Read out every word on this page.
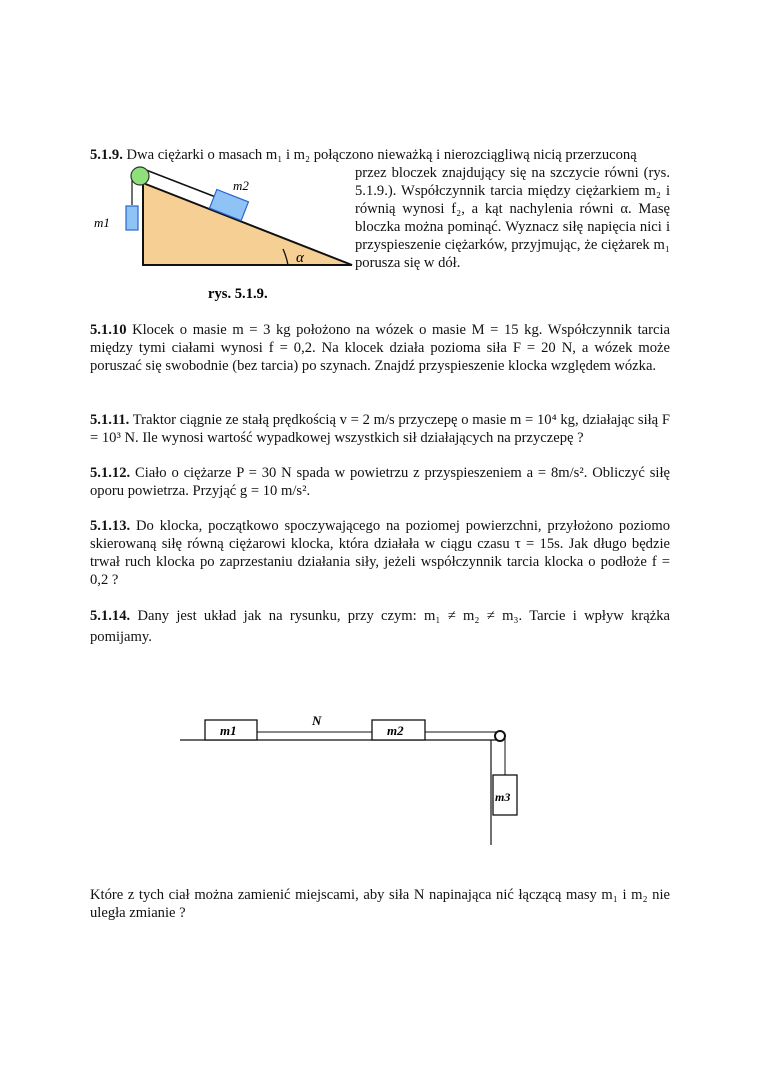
5.1.9. Dwa ciężarki o masach m₁ i m₂ połączono nieważką i nierozciągliwą nicią przerzuconą
przez bloczek znajdujący się na szczycie równi (rys. 5.1.9.). Współczynnik tarcia między ciężarkiem m₂ i równią wynosi f₂, a kąt nachylenia równi α. Masę bloczka można pominąć. Wyznacz siłę napięcia nici i przyspieszenie ciężarków, przyjmując, że ciężarek m₁ porusza się w dół.
α
m1
m2
rys. 5.1.9.
5.1.10 Klocek o masie m = 3 kg położono na wózek o masie M = 15 kg. Współczynnik tarcia między tymi ciałami wynosi f = 0,2. Na klocek działa pozioma siła F = 20 N, a wózek może poruszać się swobodnie (bez tarcia) po szynach. Znajdź przyspieszenie klocka względem wózka.
5.1.11. Traktor ciągnie ze stałą prędkością v = 2 m/s przyczepę o masie m = 10⁴ kg, działając siłą F = 10³ N. Ile wynosi wartość wypadkowej wszystkich sił działających na przyczepę ?
5.1.12. Ciało o ciężarze P = 30 N spada w powietrzu z przyspieszeniem a = 8m/s². Obliczyć siłę oporu powietrza. Przyjąć g = 10 m/s².
5.1.13. Do klocka, początkowo spoczywającego na poziomej powierzchni, przyłożono poziomo skierowaną siłę równą ciężarowi klocka, która działała w ciągu czasu τ = 15s. Jak długo będzie trwał ruch klocka po zaprzestaniu działania siły, jeżeli współczynnik tarcia klocka o podłoże f = 0,2 ?
5.1.14. Dany jest układ jak na rysunku, przy czym: m₁ ≠ m₂ ≠ m₃. Tarcie i wpływ krążka pomijamy.
m1	m2
m3
N
Które z tych ciał można zamienić miejscami, aby siła N napinająca nić łączącą masy m₁ i m₂ nie uległa zmianie ?
